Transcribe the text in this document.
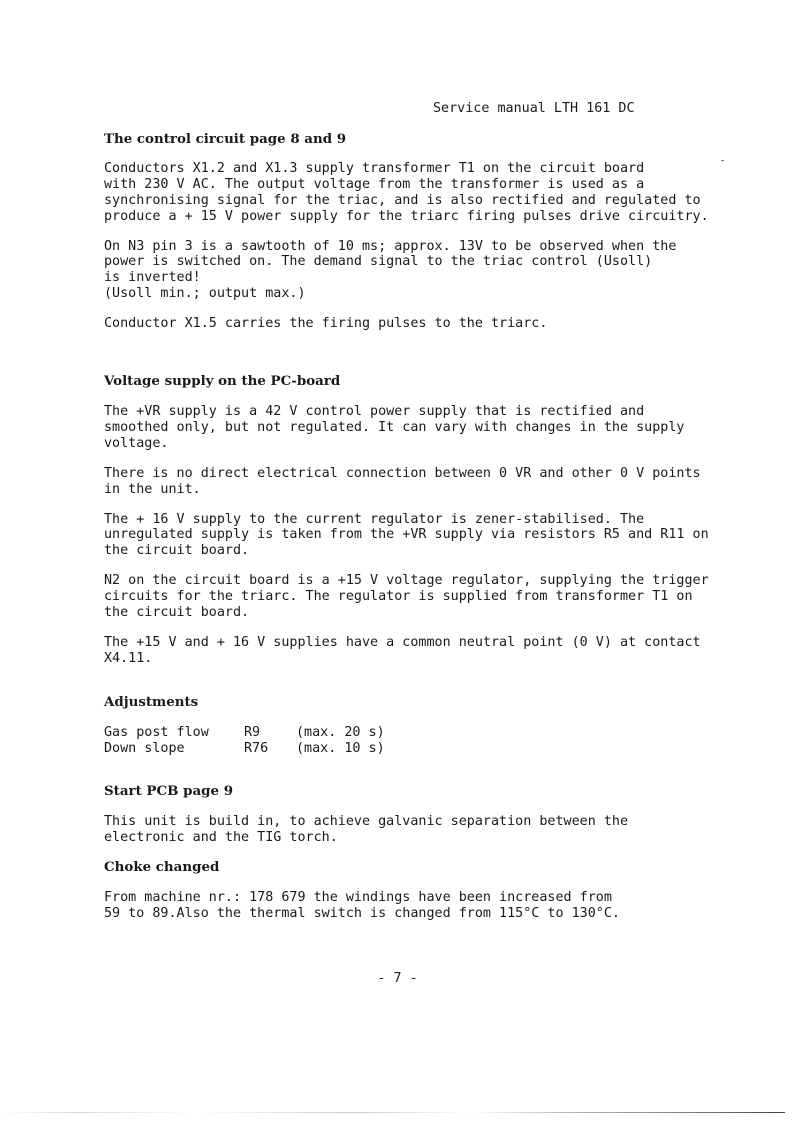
Service manual LTH 161 DC
The control circuit page 8 and 9

Conductors X1.2 and X1.3 supply transformer T1 on the circuit board

with 230 V AC. The output voltage from the transformer is used as a

synchronising signal for the triac, and is also rectified and regulated to

produce a + 15 V power supply for the triarc firing pulses drive circuitry.

On N3 pin 3 is a sawtooth of 10 ms; approx. 13V to be observed when the

power is switched on. The demand signal to the triac control (Usoll)

is inverted!

(Usoll min.; output max.)

Conductor X1.5 carries the firing pulses to the triarc.

Voltage supply on the PC-board

The +VR supply is a 42 V control power supply that is rectified and

smoothed only, but not regulated. It can vary with changes in the supply

voltage.

There is no direct electrical connection between 0 VR and other 0 V points

in the unit.

The + 16 V supply to the current regulator is zener-stabilised. The

unregulated supply is taken from the +VR supply via resistors R5 and R11 on

the circuit board.

N2 on the circuit board is a +15 V voltage regulator, supplying the trigger

circuits for the triarc. The regulator is supplied from transformer T1 on

the circuit board.

The +15 V and + 16 V supplies have a common neutral point (0 V) at contact

X4.11.

Adjustments
Gas post flow	R9	(max. 20 s)
Down slope	R76	(max. 10 s)
Start PCB page 9

This unit is build in, to achieve galvanic separation between the

electronic and the TIG torch.

Choke changed

From machine nr.: 178 679 the windings have been increased from

59 to 89.Also the thermal switch is changed from 115°C to 130°C.

- 7 -
